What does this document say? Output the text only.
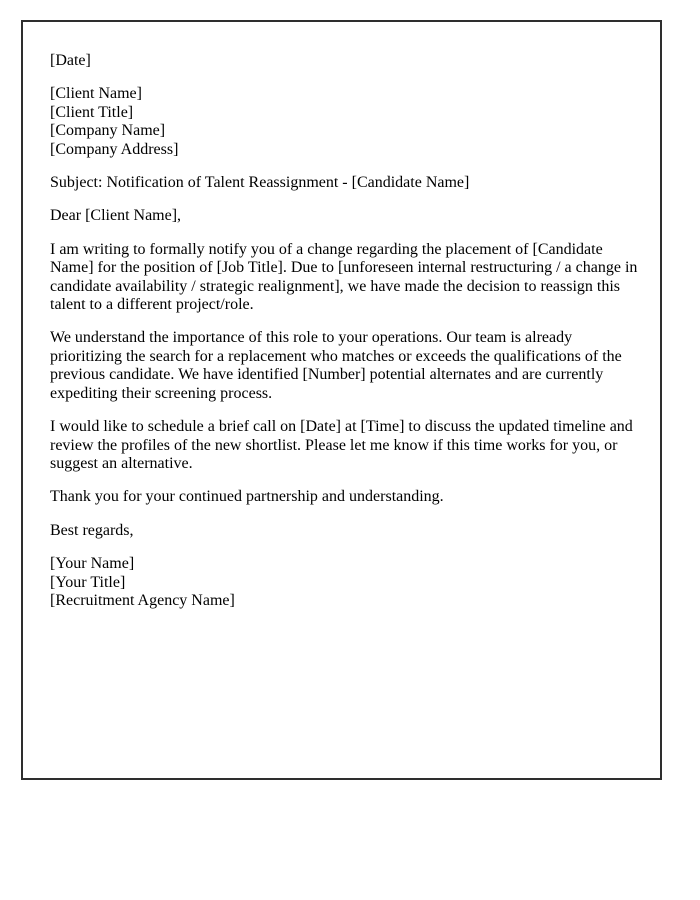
[Date]
[Client Name]
[Client Title]
[Company Name]
[Company Address]
Subject: Notification of Talent Reassignment - [Candidate Name]
Dear [Client Name],

I am writing to formally notify you of a change regarding the placement of [Candidate Name] for the position of [Job Title]. Due to [unforeseen internal restructuring / a change in candidate availability / strategic realignment], we have made the decision to reassign this talent to a different project/role.

We understand the importance of this role to your operations. Our team is already prioritizing the search for a replacement who matches or exceeds the qualifications of the previous candidate. We have identified [Number] potential alternates and are currently expediting their screening process.

I would like to schedule a brief call on [Date] at [Time] to discuss the updated timeline and review the profiles of the new shortlist. Please let me know if this time works for you, or suggest an alternative.

Thank you for your continued partnership and understanding.

Best regards,
[Your Name]
[Your Title]
[Recruitment Agency Name]
